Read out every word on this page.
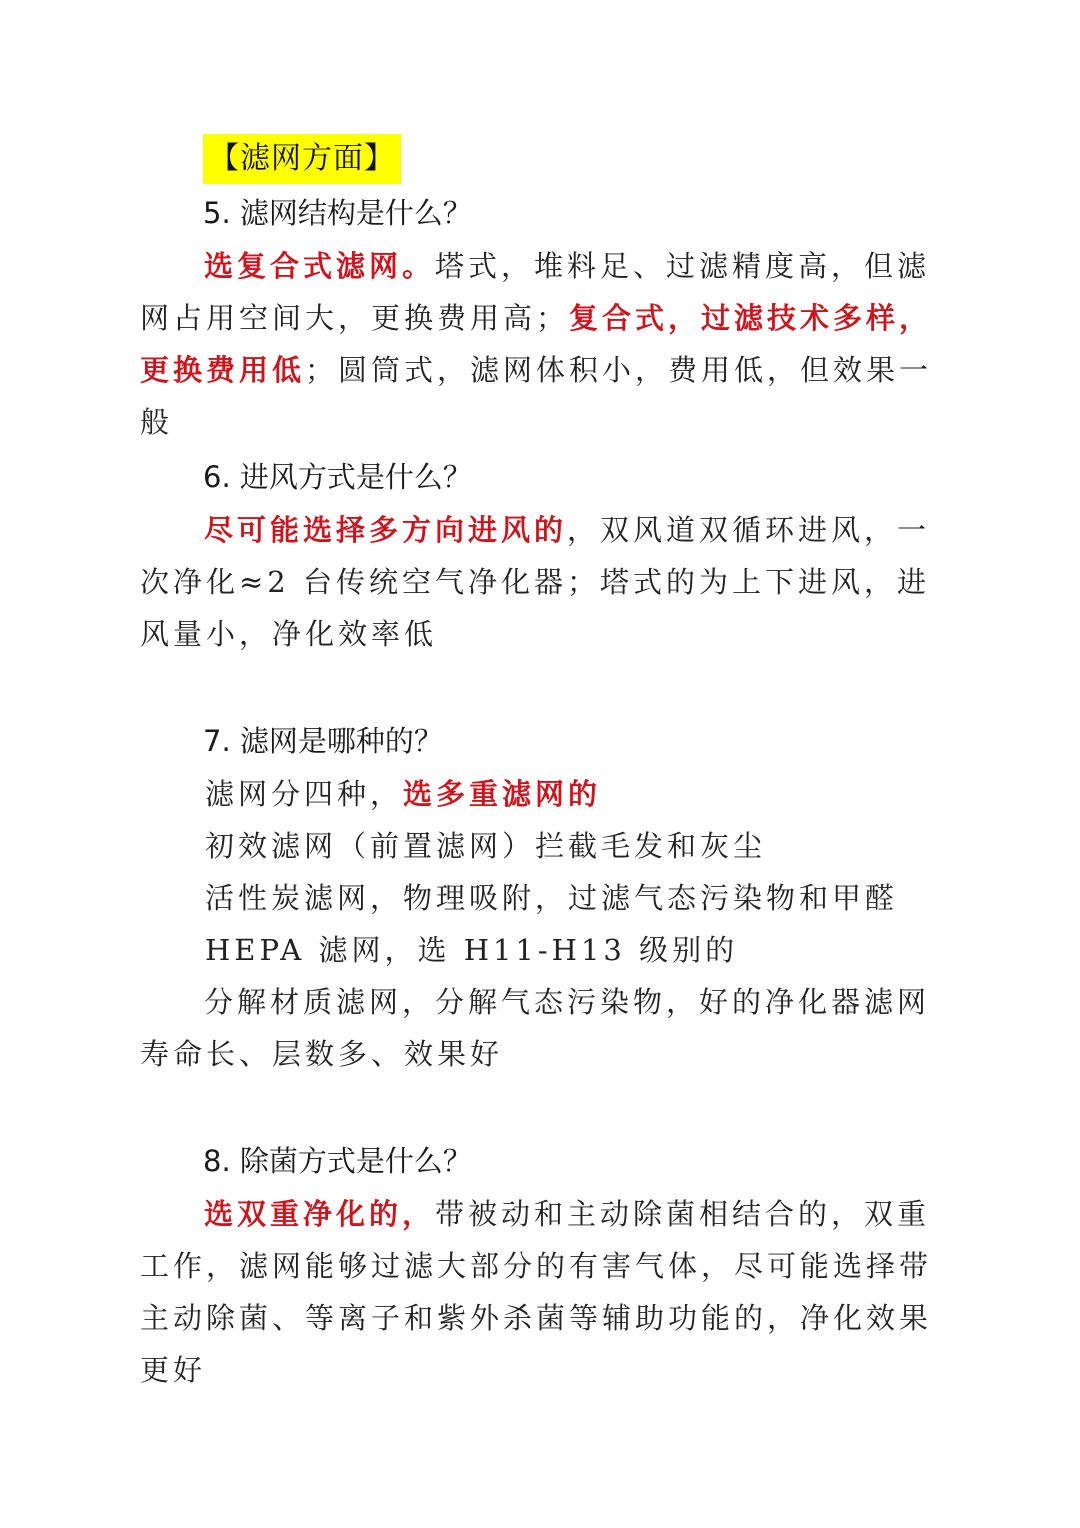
【滤网方面】
5. 滤网结构是什么？
选复合式滤网。塔式，堆料足、过滤精度高，但滤网占用空间大，更换费用高；复合式，过滤技术多样，更换费用低；圆筒式，滤网体积小，费用低，但效果一般
6. 进风方式是什么？
尽可能选择多方向进风的，双风道双循环进风，一次净化≈2 台传统空气净化器；塔式的为上下进风，进风量小，净化效率低
7. 滤网是哪种的？
滤网分四种，选多重滤网的
初效滤网（前置滤网）拦截毛发和灰尘
活性炭滤网，物理吸附，过滤气态污染物和甲醛
HEPA 滤网，选 H11-H13 级别的
分解材质滤网，分解气态污染物，好的净化器滤网寿命长、层数多、效果好
8. 除菌方式是什么？
选双重净化的，带被动和主动除菌相结合的，双重工作，滤网能够过滤大部分的有害气体，尽可能选择带主动除菌、等离子和紫外杀菌等辅助功能的，净化效果更好
